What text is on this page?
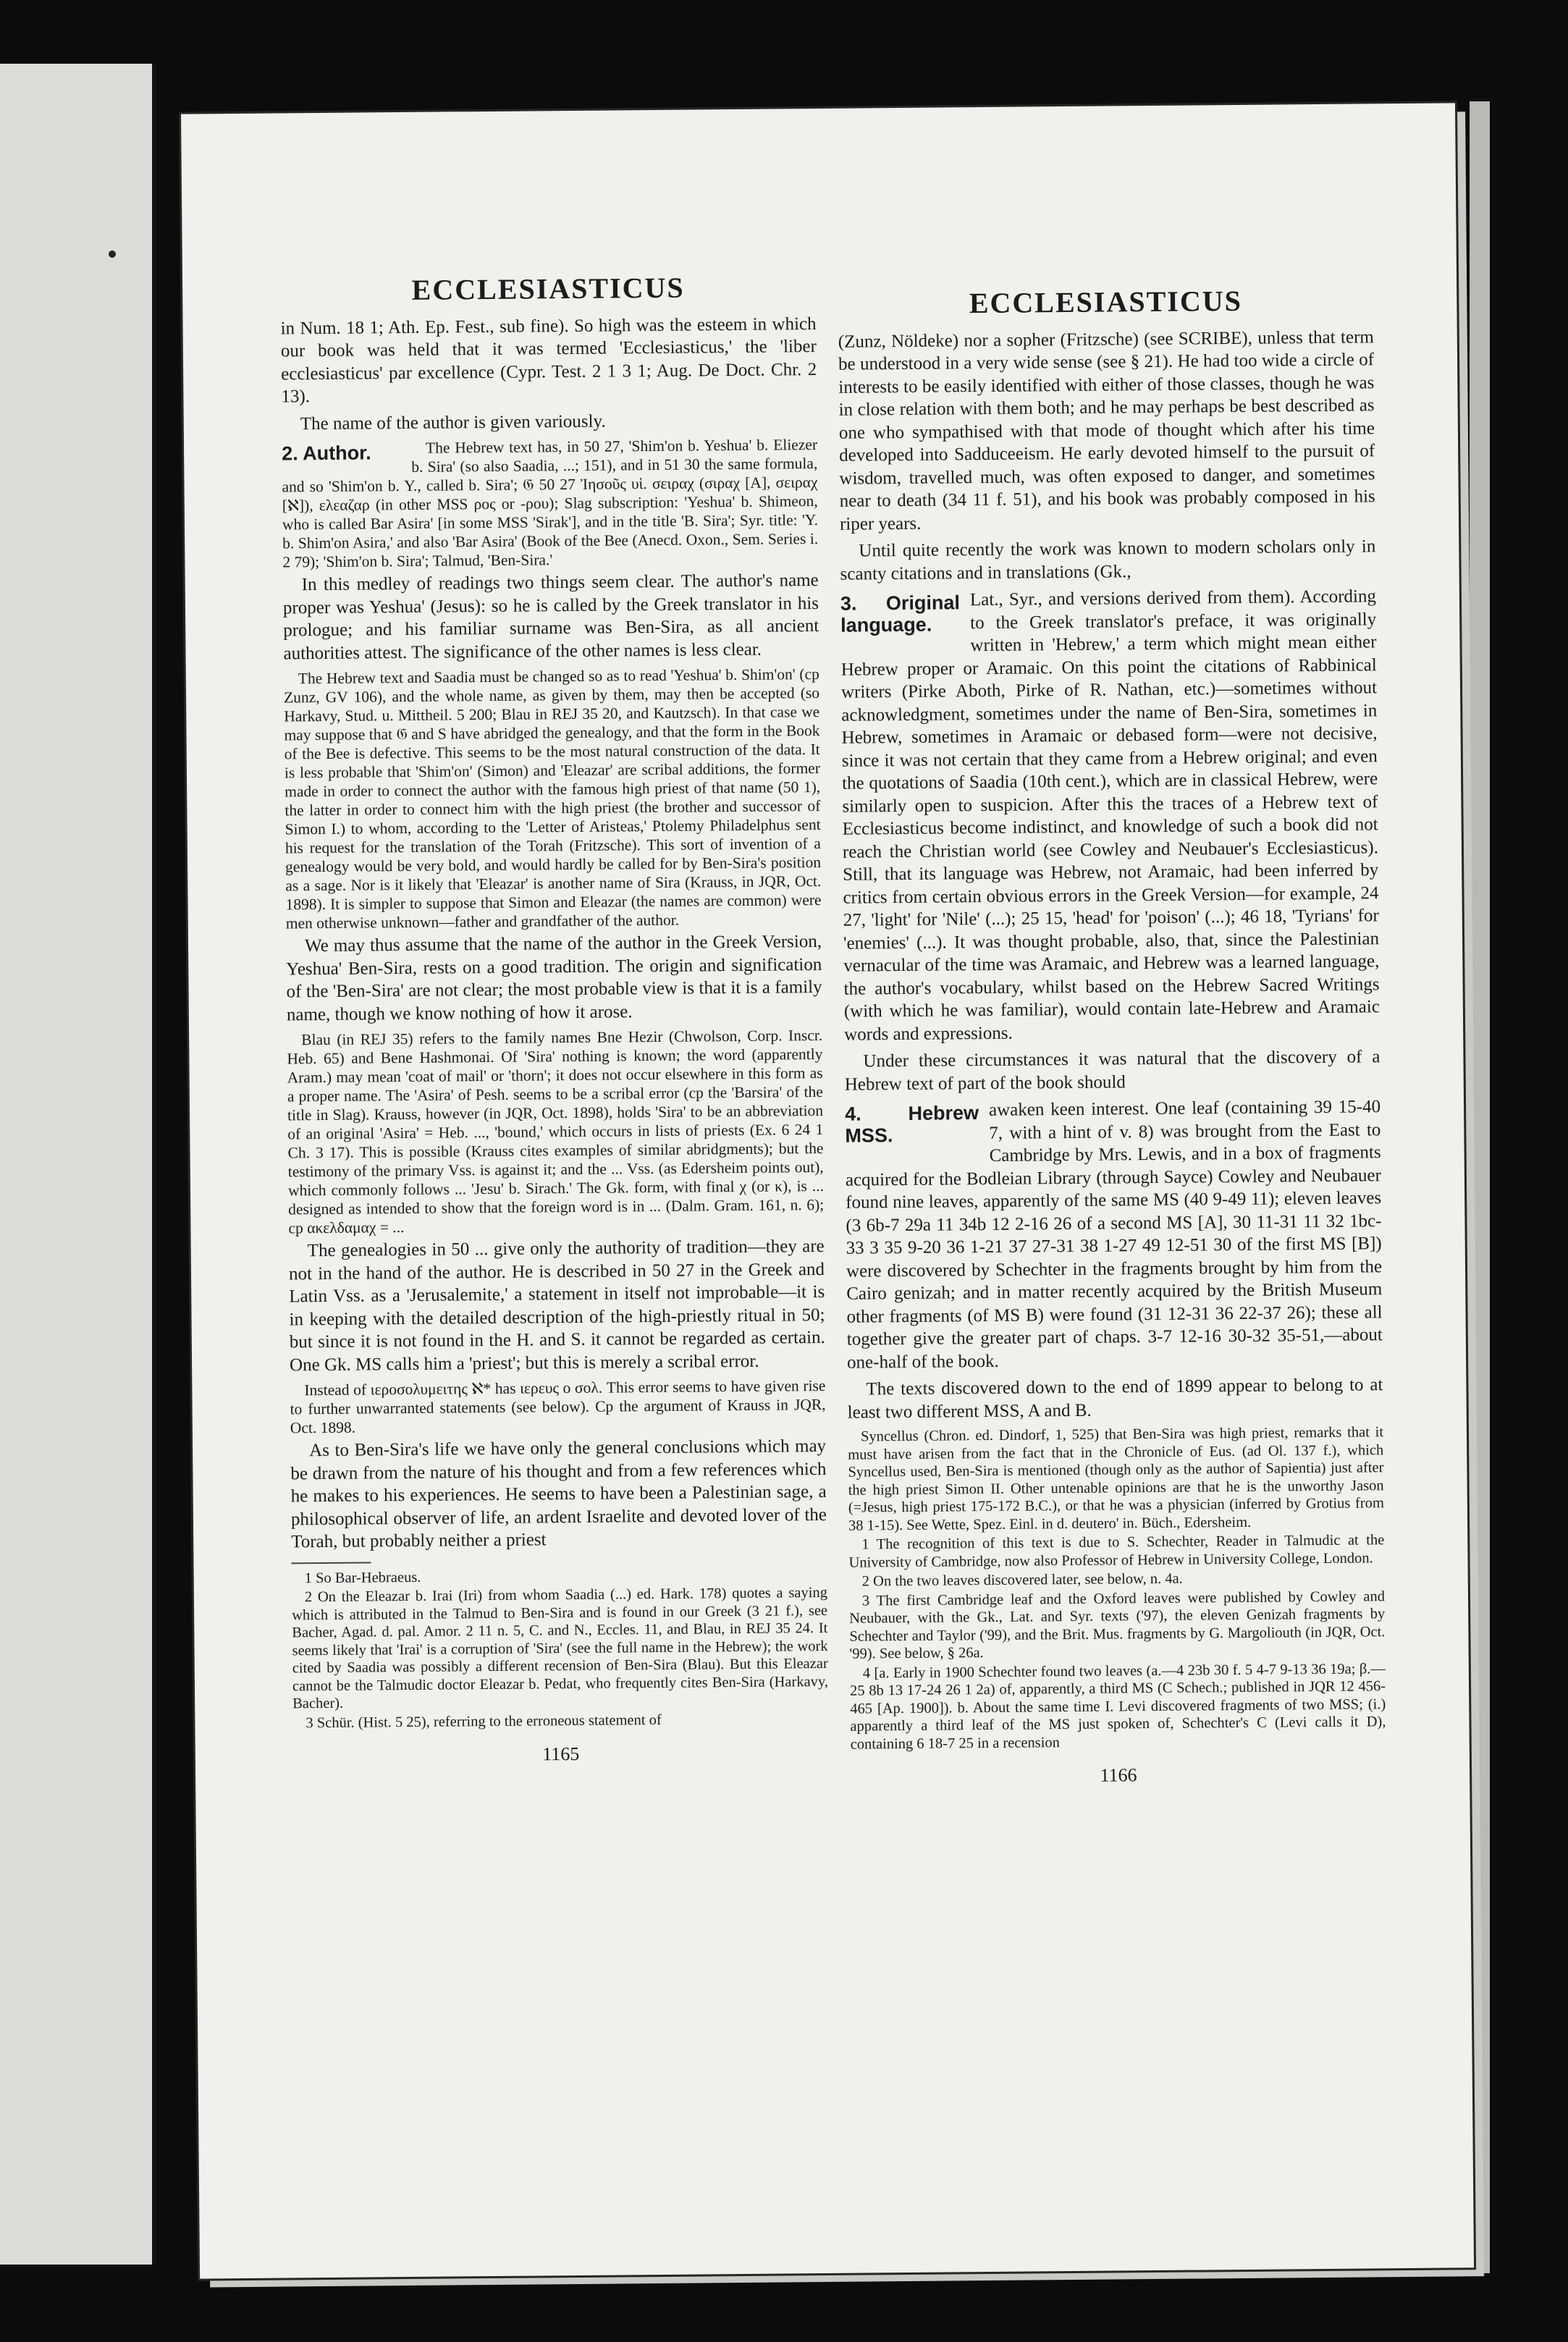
ECCLESIASTICUS

in Num. 18 1; Ath. Ep. Fest., sub fine). So high was the esteem in which our book was held that it was termed 'Ecclesiasticus,' the 'liber ecclesiasticus' par excellence (Cypr. Test. 2 1 3 1; Aug. De Doct. Chr. 2 13).

The name of the author is given variously.

2. Author.	The Hebrew text has, in 50 27, 'Shim'on b. Yeshua' b. Eliezer b. Sira' (so also Saadia, ...; 151), and in 51 30 the same formula, and so 'Shim'on b. Y., called b. Sira'; 𝔊 50 27 Ἰησοῦς υἱ. σειραχ (σιραχ [A], σειραχ [ℵ]), ελεαζαρ (in other MSS ρος or -ρου); Slag subscription: 'Yeshua' b. Shimeon, who is called Bar Asira' [in some MSS 'Sirak'], and in the title 'B. Sira'; Syr. title: 'Y. b. Shim'on Asira,' and also 'Bar Asira' (Book of the Bee (Anecd. Oxon., Sem. Series i. 2 79); 'Shim'on b. Sira'; Talmud, 'Ben-Sira.'

In this medley of readings two things seem clear. The author's name proper was Yeshua' (Jesus): so he is called by the Greek translator in his prologue; and his familiar surname was Ben-Sira, as all ancient authorities attest. The significance of the other names is less clear.

The Hebrew text and Saadia must be changed so as to read 'Yeshua' b. Shim'on' (cp Zunz, GV 106), and the whole name, as given by them, may then be accepted (so Harkavy, Stud. u. Mittheil. 5 200; Blau in REJ 35 20, and Kautzsch). In that case we may suppose that 𝔊 and S have abridged the genealogy, and that the form in the Book of the Bee is defective. This seems to be the most natural construction of the data. It is less probable that 'Shim'on' (Simon) and 'Eleazar' are scribal additions, the former made in order to connect the author with the famous high priest of that name (50 1), the latter in order to connect him with the high priest (the brother and successor of Simon I.) to whom, according to the 'Letter of Aristeas,' Ptolemy Philadelphus sent his request for the translation of the Torah (Fritzsche). This sort of invention of a genealogy would be very bold, and would hardly be called for by Ben-Sira's position as a sage. Nor is it likely that 'Eleazar' is another name of Sira (Krauss, in JQR, Oct. 1898). It is simpler to suppose that Simon and Eleazar (the names are common) were men otherwise unknown—father and grandfather of the author.

We may thus assume that the name of the author in the Greek Version, Yeshua' Ben-Sira, rests on a good tradition. The origin and signification of the 'Ben-Sira' are not clear; the most probable view is that it is a family name, though we know nothing of how it arose.

Blau (in REJ 35) refers to the family names Bne Hezir (Chwolson, Corp. Inscr. Heb. 65) and Bene Hashmonai. Of 'Sira' nothing is known; the word (apparently Aram.) may mean 'coat of mail' or 'thorn'; it does not occur elsewhere in this form as a proper name. The 'Asira' of Pesh. seems to be a scribal error (cp the 'Barsira' of the title in Slag). Krauss, however (in JQR, Oct. 1898), holds 'Sira' to be an abbreviation of an original 'Asira' = Heb. ..., 'bound,' which occurs in lists of priests (Ex. 6 24 1 Ch. 3 17). This is possible (Krauss cites examples of similar abridgments); but the testimony of the primary Vss. is against it; and the ... Vss. (as Edersheim points out), which commonly follows ... 'Jesu' b. Sirach.' The Gk. form, with final χ (or κ), is ... designed as intended to show that the foreign word is in ... (Dalm. Gram. 161, n. 6); cp ακελδαμαχ = ...

The genealogies in 50 ... give only the authority of tradition—they are not in the hand of the author. He is described in 50 27 in the Greek and Latin Vss. as a 'Jerusalemite,' a statement in itself not improbable—it is in keeping with the detailed description of the high-priestly ritual in 50; but since it is not found in the H. and S. it cannot be regarded as certain. One Gk. MS calls him a 'priest'; but this is merely a scribal error.

Instead of ιεροσολυμειτης ℵ* has ιερευς ο σολ. This error seems to have given rise to further unwarranted statements (see below). Cp the argument of Krauss in JQR, Oct. 1898.

As to Ben-Sira's life we have only the general conclusions which may be drawn from the nature of his thought and from a few references which he makes to his experiences. He seems to have been a Palestinian sage, a philosophical observer of life, an ardent Israelite and devoted lover of the Torah, but probably neither a priest

1 So Bar-Hebraeus.

2 On the Eleazar b. Irai (Iri) from whom Saadia (...) ed. Hark. 178) quotes a saying which is attributed in the Talmud to Ben-Sira and is found in our Greek (3 21 f.), see Bacher, Agad. d. pal. Amor. 2 11 n. 5, C. and N., Eccles. 11, and Blau, in REJ 35 24. It seems likely that 'Irai' is a corruption of 'Sira' (see the full name in the Hebrew); the work cited by Saadia was possibly a different recension of Ben-Sira (Blau). But this Eleazar cannot be the Talmudic doctor Eleazar b. Pedat, who frequently cites Ben-Sira (Harkavy, Bacher).

3 Schür. (Hist. 5 25), referring to the erroneous statement of

1165
ECCLESIASTICUS

(Zunz, Nöldeke) nor a sopher (Fritzsche) (see SCRIBE), unless that term be understood in a very wide sense (see § 21). He had too wide a circle of interests to be easily identified with either of those classes, though he was in close relation with them both; and he may perhaps be best described as one who sympathised with that mode of thought which after his time developed into Sadduceeism. He early devoted himself to the pursuit of wisdom, travelled much, was often exposed to danger, and sometimes near to death (34 11 f. 51), and his book was probably composed in his riper years.

Until quite recently the work was known to modern scholars only in scanty citations and in translations (Gk.,

3. Original language.

Lat., Syr., and versions derived from them). According to the Greek translator's preface, it was originally written in 'Hebrew,' a term which might mean either Hebrew proper or Aramaic. On this point the citations of Rabbinical writers (Pirke Aboth, Pirke of R. Nathan, etc.)—sometimes without acknowledgment, sometimes under the name of Ben-Sira, sometimes in Hebrew, sometimes in Aramaic or debased form—were not decisive, since it was not certain that they came from a Hebrew original; and even the quotations of Saadia (10th cent.), which are in classical Hebrew, were similarly open to suspicion. After this the traces of a Hebrew text of Ecclesiasticus become indistinct, and knowledge of such a book did not reach the Christian world (see Cowley and Neubauer's Ecclesiasticus). Still, that its language was Hebrew, not Aramaic, had been inferred by critics from certain obvious errors in the Greek Version—for example, 24 27, 'light' for 'Nile' (...); 25 15, 'head' for 'poison' (...); 46 18, 'Tyrians' for 'enemies' (...). It was thought probable, also, that, since the Palestinian vernacular of the time was Aramaic, and Hebrew was a learned language, the author's vocabulary, whilst based on the Hebrew Sacred Writings (with which he was familiar), would contain late-Hebrew and Aramaic words and expressions.

Under these circumstances it was natural that the discovery of a Hebrew text of part of the book should

4. Hebrew MSS.

awaken keen interest. One leaf (containing 39 15-40 7, with a hint of v. 8) was brought from the East to Cambridge by Mrs. Lewis, and in a box of fragments acquired for the Bodleian Library (through Sayce) Cowley and Neubauer found nine leaves, apparently of the same MS (40 9-49 11); eleven leaves (3 6b-7 29a 11 34b 12 2-16 26 of a second MS [A], 30 11-31 11 32 1bc-33 3 35 9-20 36 1-21 37 27-31 38 1-27 49 12-51 30 of the first MS [B]) were discovered by Schechter in the fragments brought by him from the Cairo genizah; and in matter recently acquired by the British Museum other fragments (of MS B) were found (31 12-31 36 22-37 26); these all together give the greater part of chaps. 3-7 12-16 30-32 35-51,—about one-half of the book.

The texts discovered down to the end of 1899 appear to belong to at least two different MSS, A and B.

Syncellus (Chron. ed. Dindorf, 1, 525) that Ben-Sira was high priest, remarks that it must have arisen from the fact that in the Chronicle of Eus. (ad Ol. 137 f.), which Syncellus used, Ben-Sira is mentioned (though only as the author of Sapientia) just after the high priest Simon II. Other untenable opinions are that he is the unworthy Jason (=Jesus, high priest 175-172 B.C.), or that he was a physician (inferred by Grotius from 38 1-15). See Wette, Spez. Einl. in d. deutero' in. Büch., Edersheim.

1 The recognition of this text is due to S. Schechter, Reader in Talmudic at the University of Cambridge, now also Professor of Hebrew in University College, London.

2 On the two leaves discovered later, see below, n. 4a.

3 The first Cambridge leaf and the Oxford leaves were published by Cowley and Neubauer, with the Gk., Lat. and Syr. texts ('97), the eleven Genizah fragments by Schechter and Taylor ('99), and the Brit. Mus. fragments by G. Margoliouth (in JQR, Oct. '99). See below, § 26a.

4 [a. Early in 1900 Schechter found two leaves (a.—4 23b 30 f. 5 4-7 9-13 36 19a; β.—25 8b 13 17-24 26 1 2a) of, apparently, a third MS (C Schech.; published in JQR 12 456-465 [Ap. 1900]). b. About the same time I. Levi discovered fragments of two MSS; (i.) apparently a third leaf of the MS just spoken of, Schechter's C (Levi calls it D), containing 6 18-7 25 in a recension

1166
